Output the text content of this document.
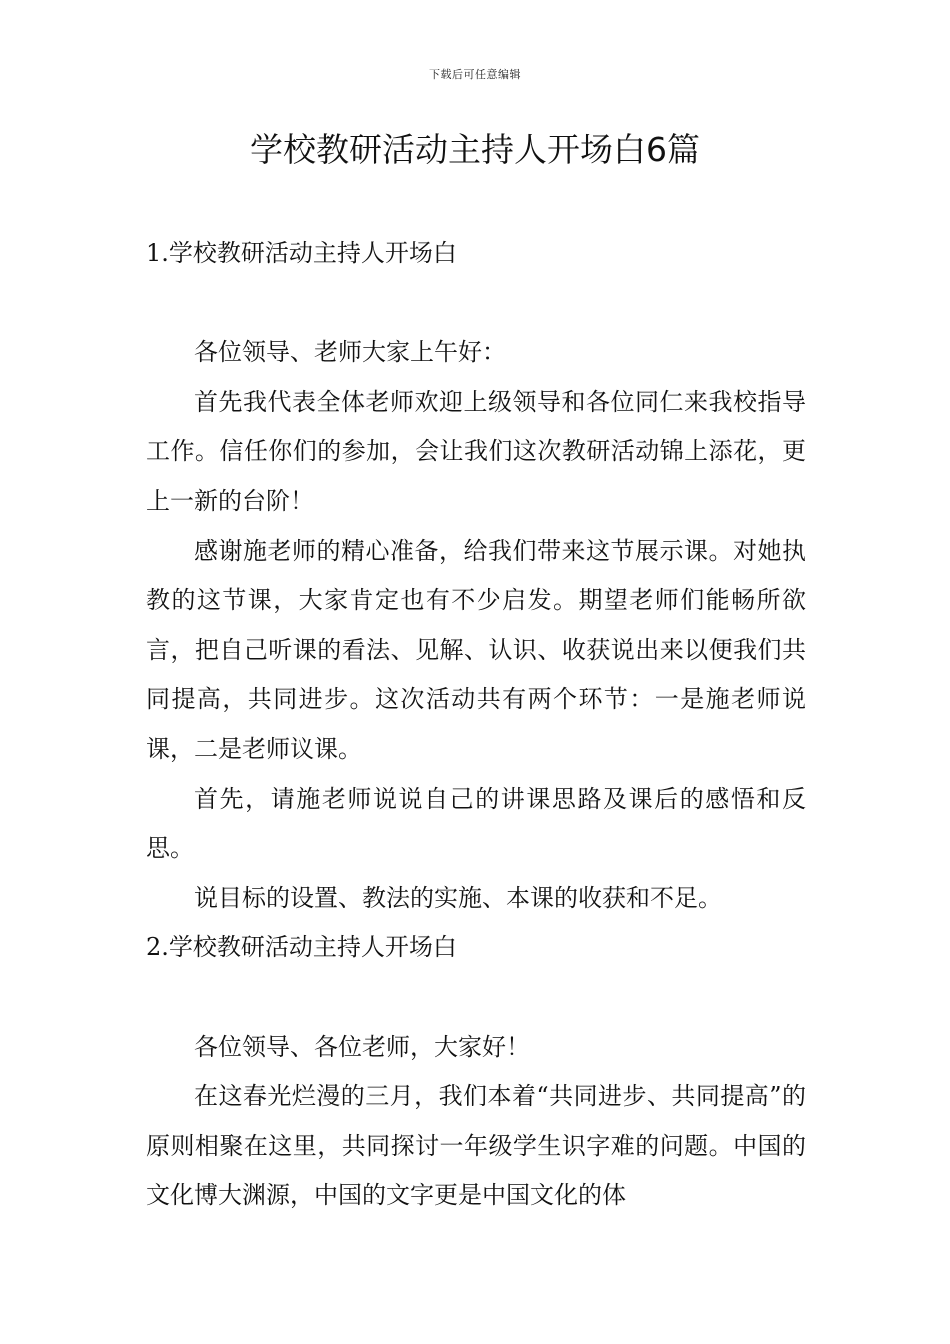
下载后可任意编辑
学校教研活动主持人开场白6篇
1.学校教研活动主持人开场白

各位领导、老师大家上午好：

首先我代表全体老师欢迎上级领导和各位同仁来我校指导工作。信任你们的参加，会让我们这次教研活动锦上添花，更上一新的台阶！

感谢施老师的精心准备，给我们带来这节展示课。对她执教的这节课，大家肯定也有不少启发。期望老师们能畅所欲言，把自己听课的看法、见解、认识、收获说出来以便我们共同提高，共同进步。这次活动共有两个环节：一是施老师说课，二是老师议课。

首先，请施老师说说自己的讲课思路及课后的感悟和反思。

说目标的设置、教法的实施、本课的收获和不足。

2.学校教研活动主持人开场白

各位领导、各位老师，大家好！

在这春光烂漫的三月，我们本着“共同进步、共同提高”的原则相聚在这里，共同探讨一年级学生识字难的问题。中国的文化博大渊源，中国的文字更是中国文化的体
